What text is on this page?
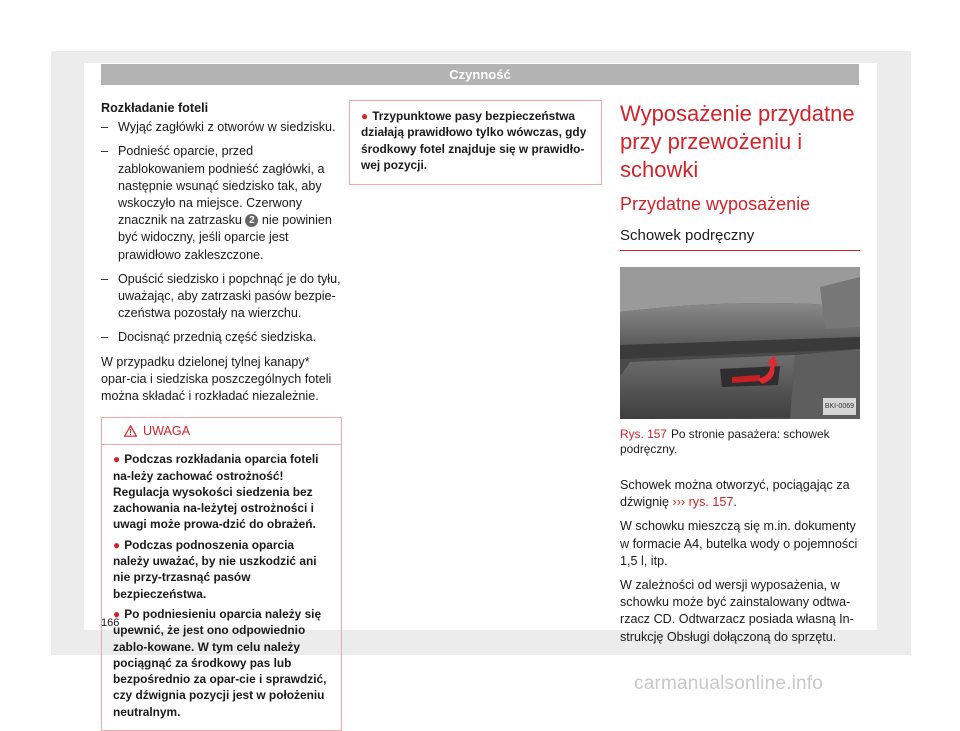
Czynność
Rozkładanie foteli
– Wyjąć zagłówki z otworów w siedzisku.
– Podnieść oparcie, przed zablokowaniem podnieść zagłówki, a następnie wsunąć siedzisko tak, aby wskoczyło na miejsce. Czerwony znacznik na zatrzasku 2 nie powinien być widoczny, jeśli oparcie jest prawidłowo zakleszczone.
– Opuścić siedzisko i popchnąć je do tyłu, uważając, aby zatrzaski pasów bezpie-czeństwa pozostały na wierzchu.
– Docisnąć przednią część siedziska.
W przypadku dzielonej tylnej kanapy* opar-cia i siedziska poszczególnych foteli można składać i rozkładać niezależnie.
UWAGA
● Podczas rozkładania oparcia foteli na-leży zachować ostrożność! Regulacja wysokości siedzenia bez zachowania na-leżytej ostrożności i uwagi może prowa-dzić do obrażeń.
● Podczas podnoszenia oparcia należy uważać, by nie uszkodzić ani nie przy-trzasnąć pasów bezpieczeństwa.
● Po podniesieniu oparcia należy się upewnić, że jest ono odpowiednio zablo-kowane. W tym celu należy pociągnąć za środkowy pas lub bezpośrednio za opar-cie i sprawdzić, czy dźwignia pozycji jest w położeniu neutralnym.
● Trzypunktowe pasy bezpieczeństwa działają prawidłowo tylko wówczas, gdy środkowy fotel znajduje się w prawidło-wej pozycji.
Wyposażenie przydatne przy przewożeniu i schowki
Przydatne wyposażenie
Schowek podręczny
BKI-0069
Rys. 157 Po stronie pasażera: schowek podręczny.
Schowek można otworzyć, pociągając za dźwignię ››› rys. 157.
W schowku mieszczą się m.in. dokumenty w formacie A4, butelka wody o pojemności 1,5 l, itp.
W zależności od wersji wyposażenia, w schowku może być zainstalowany odtwa-rzacz CD. Odtwarzacz posiada własną In-strukcję Obsługi dołączoną do sprzętu.
166
carmanualsonline.info
